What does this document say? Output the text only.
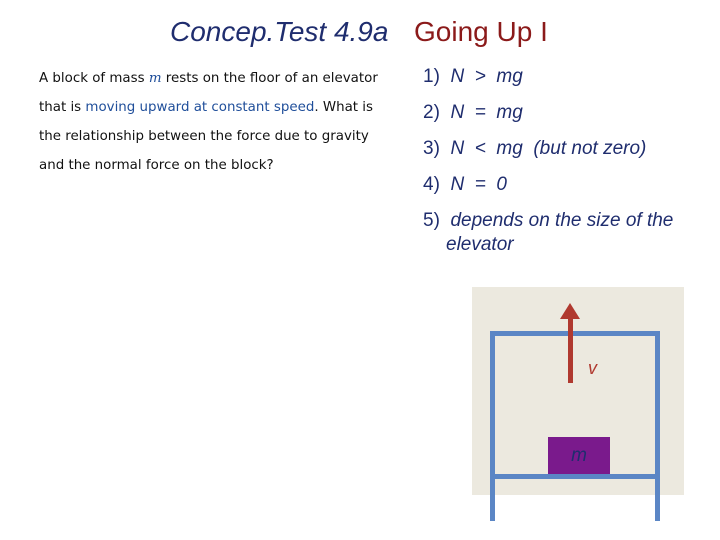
Concep.Test 4.9a Going Up I
A block of mass m rests on the floor of an elevator that is moving upward at constant speed. What is the relationship between the force due to gravity and the normal force on the block?
1) N  >  mg
2) N  =  mg
3) N  <  mg  (but not zero)
4) N  =  0
5) depends on the size of the
elevator
v
m
